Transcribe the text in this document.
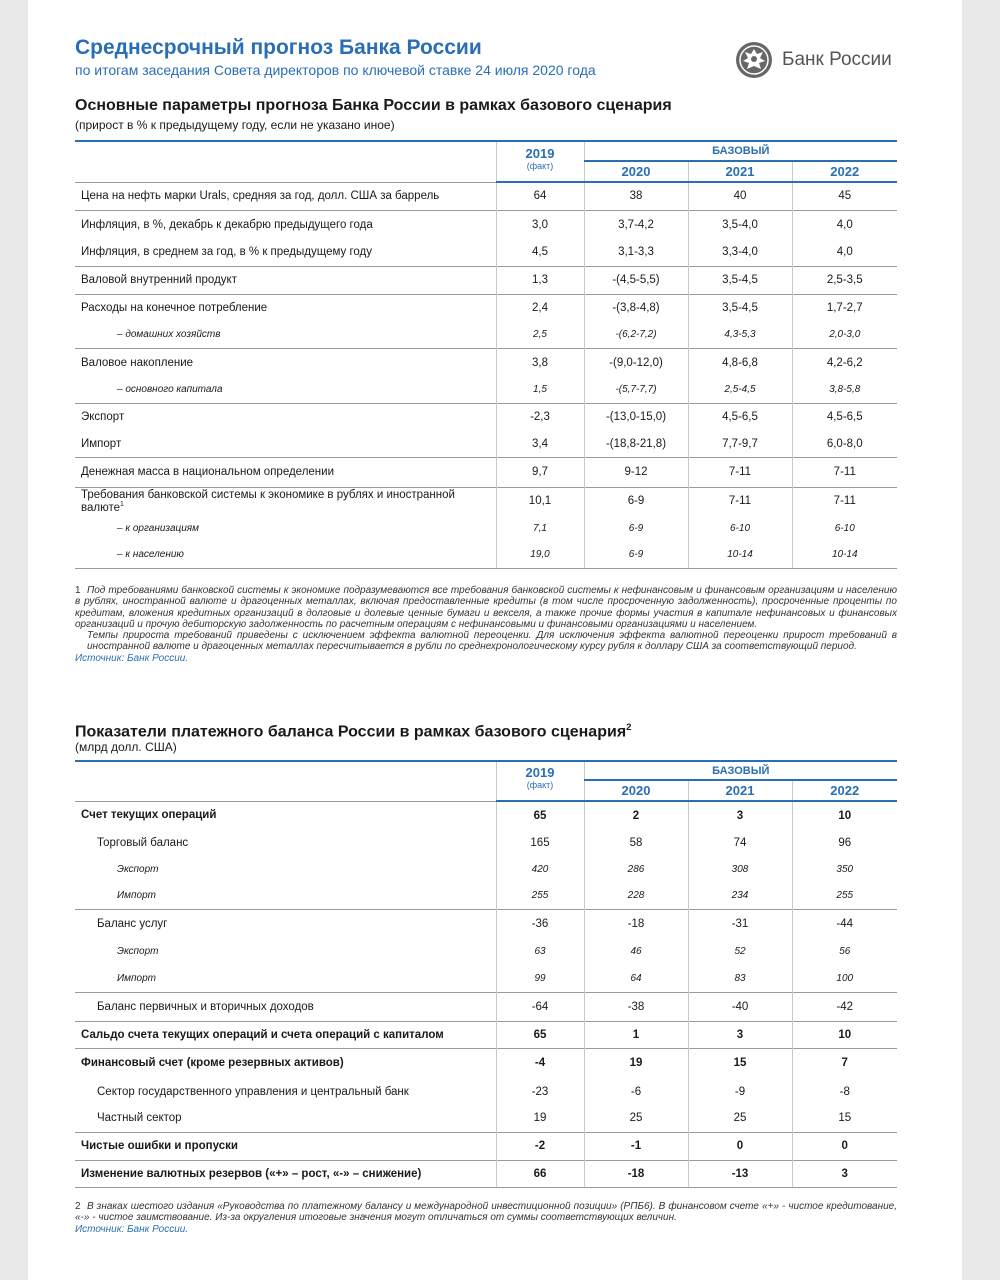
Среднесрочный прогноз Банка России
по итогам заседания Совета директоров по ключевой ставке 24 июля 2020 года	Банк России
Основные параметры прогноза Банка России в рамках базового сценария
(прирост в % к предыдущему году, если не указано иное)
	2019	БАЗОВЫЙ		
	(факт)	2020	2021	2022
Цена на нефть марки Urals, средняя за год, долл. США за баррель	64	38	40	45
Инфляция, в %, декабрь к декабрю предыдущего года	3,0	3,7-4,2	3,5-4,0	4,0
Инфляция, в среднем за год, в % к предыдущему году	4,5	3,1-3,3	3,3-4,0	4,0
Валовой внутренний продукт	1,3	-(4,5-5,5)	3,5-4,5	2,5-3,5
Расходы на конечное потребление	2,4	-(3,8-4,8)	3,5-4,5	1,7-2,7
– домашних хозяйств	2,5	-(6,2-7,2)	4,3-5,3	2,0-3,0
Валовое накопление	3,8	-(9,0-12,0)	4,8-6,8	4,2-6,2
– основного капитала	1,5	-(5,7-7,7)	2,5-4,5	3,8-5,8
Экспорт	-2,3	-(13,0-15,0)	4,5-6,5	4,5-6,5
Импорт	3,4	-(18,8-21,8)	7,7-9,7	6,0-8,0
Денежная масса в национальном определении	9,7	9-12	7-11	7-11
Требования банковской системы к экономике в рублях и иностранной валюте$^1$	10,1	6-9	7-11	7-11
– к организациям	7,1	6-9	6-10	6-10
– к населению	19,0	6-9	10-14	10-14
1 Под требованиями банковской системы к экономике подразумеваются все требования банковской системы к нефинансовым и финансовым организациям и населению в рублях, иностранной валюте и драгоценных металлах, включая предоставленные кредиты (в том числе просроченную задолженность), просроченные проценты по кредитам, вложения кредитных организаций в долговые и долевые ценные бумаги и векселя, а также прочие формы участия в капитале нефинансовых и финансовых организаций и прочую дебиторскую задолженность по расчетным операциям с нефинансовыми и финансовыми организациями и населением.
Темпы прироста требований приведены с исключением эффекта валютной переоценки. Для исключения эффекта валютной переоценки прирост требований в иностранной валюте и драгоценных металлах пересчитывается в рубли по среднехронологическому курсу рубля к доллару США за соответствующий период.
Источник: Банк России.
Показатели платежного баланса России в рамках базового сценария$^2$
(млрд долл. США)
	2019	БАЗОВЫЙ		
	(факт)	2020	2021	2022
Счет текущих операций	65	2	3	10
Торговый баланс	165	58	74	96
Экспорт	420	286	308	350
Импорт	255	228	234	255
Баланс услуг	-36	-18	-31	-44
Экспорт	63	46	52	56
Импорт	99	64	83	100
Баланс первичных и вторичных доходов	-64	-38	-40	-42
Сальдо счета текущих операций и счета операций с капиталом	65	1	3	10
Финансовый счет (кроме резервных активов)	-4	19	15	7
Сектор государственного управления и центральный банк	-23	-6	-9	-8
Частный сектор	19	25	25	15
Чистые ошибки и пропуски	-2	-1	0	0
Изменение валютных резервов («+» – рост, «-» – снижение)	66	-18	-13	3
2 В знаках шестого издания «Руководства по платежному балансу и международной инвестиционной позиции» (РПБ6). В финансовом счете «+» - чистое кредитование, «-» - чистое заимствование. Из-за округления итоговые значения могут отличаться от суммы соответствующих величин.
Источник: Банк России.
